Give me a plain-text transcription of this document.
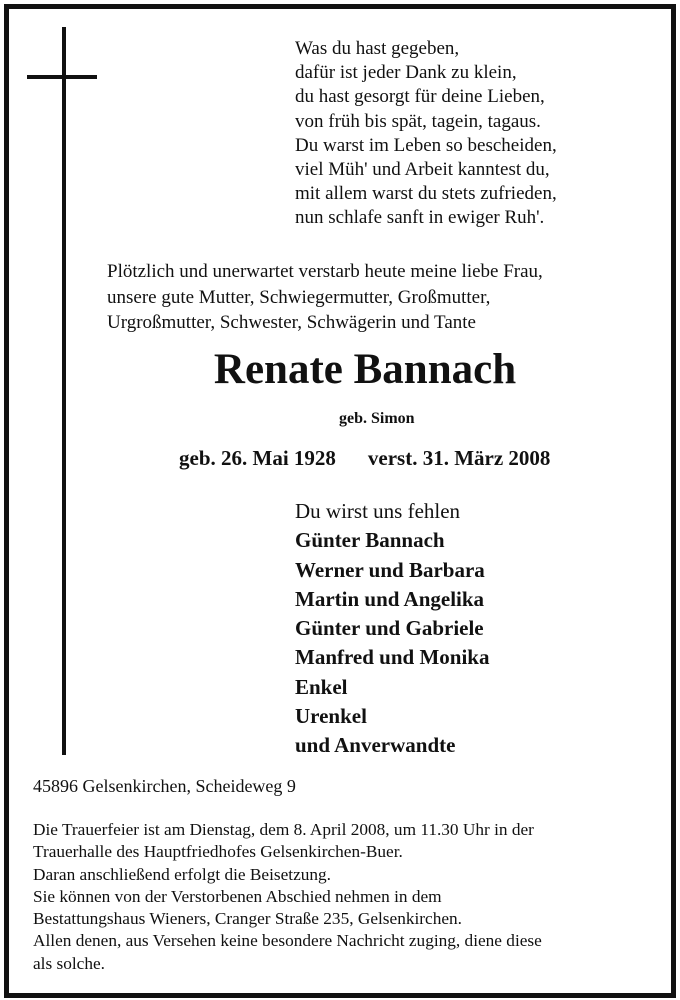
Was du hast gegeben,
dafür ist jeder Dank zu klein,
du hast gesorgt für deine Lieben,
von früh bis spät, tagein, tagaus.
Du warst im Leben so bescheiden,
viel Müh' und Arbeit kanntest du,
mit allem warst du stets zufrieden,
nun schlafe sanft in ewiger Ruh'.
Plötzlich und unerwartet verstarb heute meine liebe Frau,
unsere gute Mutter, Schwiegermutter, Großmutter,
Urgroßmutter, Schwester, Schwägerin und Tante
Renate Bannach
geb. Simon
geb. 26. Mai 1928 verst. 31. März 2008
Du wirst uns fehlen
Günter Bannach
Werner und Barbara
Martin und Angelika
Günter und Gabriele
Manfred und Monika
Enkel
Urenkel
und Anverwandte
45896 Gelsenkirchen, Scheideweg 9
Die Trauerfeier ist am Dienstag, dem 8. April 2008, um 11.30 Uhr in der
Trauerhalle des Hauptfriedhofes Gelsenkirchen-Buer.
Daran anschließend erfolgt die Beisetzung.
Sie können von der Verstorbenen Abschied nehmen in dem
Bestattungshaus Wieners, Cranger Straße 235, Gelsenkirchen.
Allen denen, aus Versehen keine besondere Nachricht zuging, diene diese
als solche.
